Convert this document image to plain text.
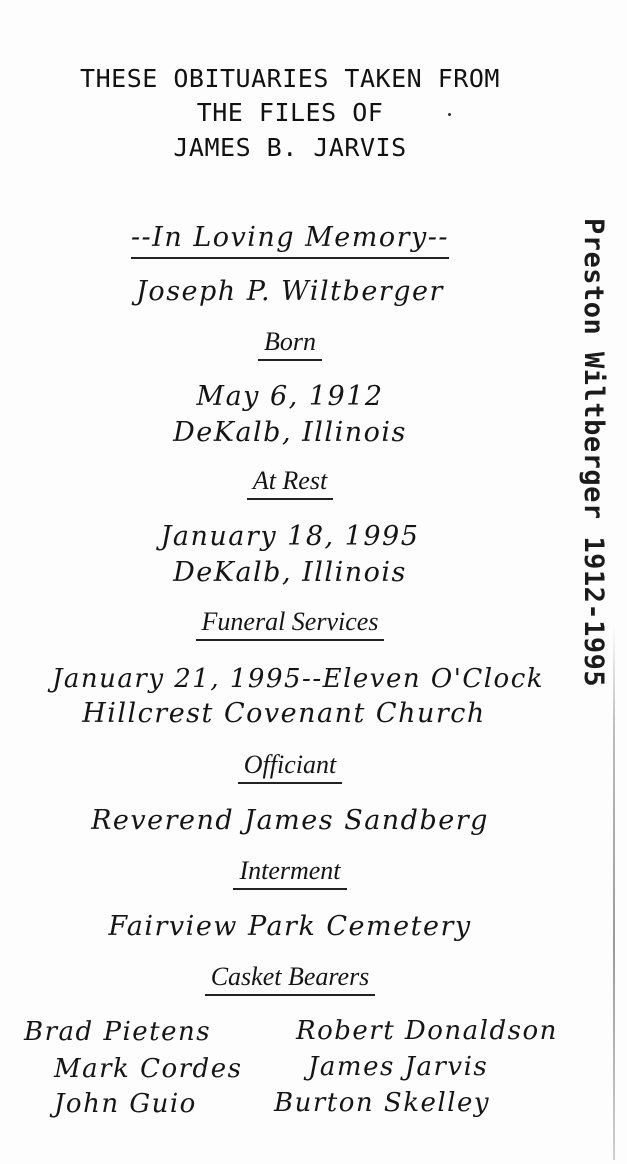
THESE OBITUARIES TAKEN FROM
THE FILES OF
JAMES B. JARVIS
--In Loving Memory--
Joseph P. Wiltberger
Born
May 6, 1912
DeKalb, Illinois
At Rest
January 18, 1995
DeKalb, Illinois
Funeral Services
January 21, 1995--Eleven O'Clock
Hillcrest Covenant Church
Officiant
Reverend James Sandberg
Interment
Fairview Park Cemetery
Casket Bearers
Brad Pietens	Robert Donaldson
Mark Cordes	James Jarvis
John Guio	Burton Skelley
Preston Wiltberger 1912-1995
